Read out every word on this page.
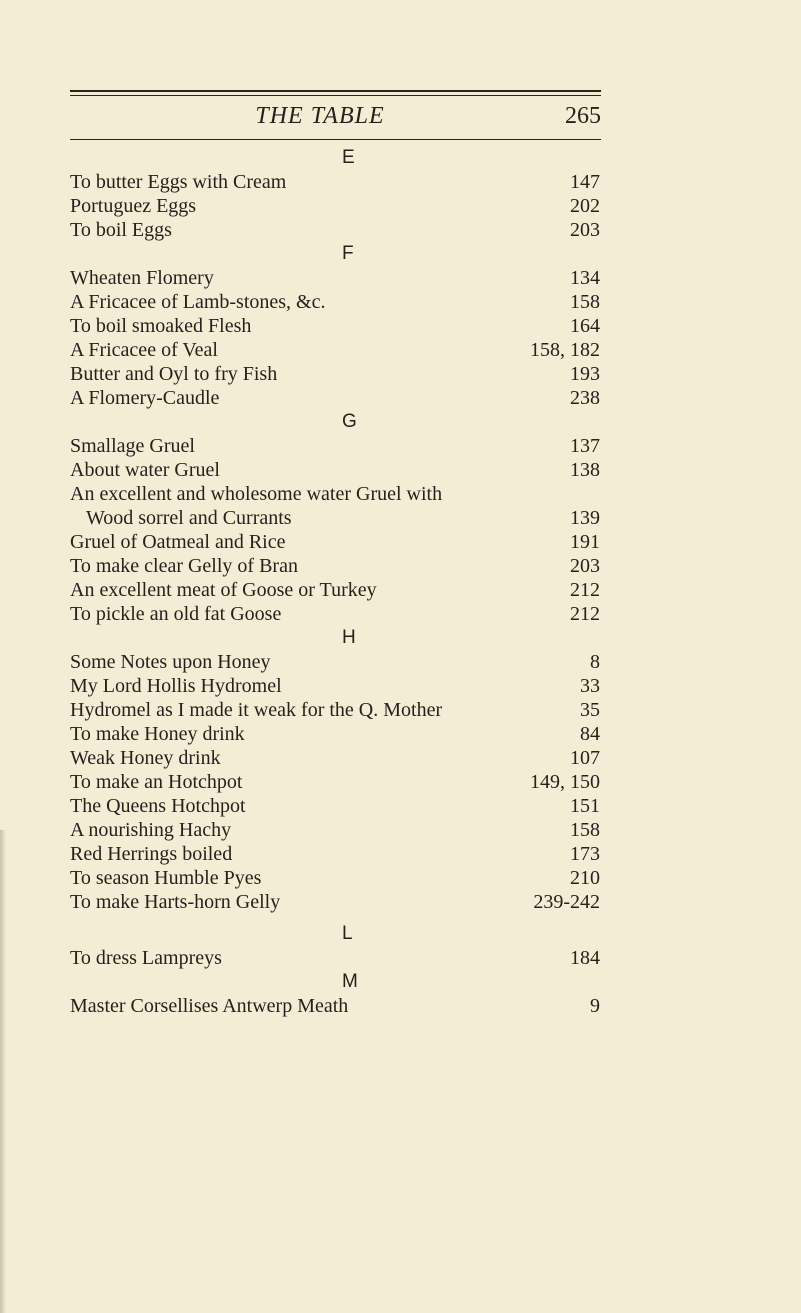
THE TABLE	265
E
To butter Eggs with Cream	147
Portuguez Eggs	202
To boil Eggs	203
F
Wheaten Flomery	134
A Fricacee of Lamb-stones, &c.	158
To boil smoaked Flesh	164
A Fricacee of Veal	158, 182
Butter and Oyl to fry Fish	193
A Flomery-Caudle	238
G
Smallage Gruel	137
About water Gruel	138
An excellent and wholesome water Gruel with
Wood sorrel and Currants	139
Gruel of Oatmeal and Rice	191
To make clear Gelly of Bran	203
An excellent meat of Goose or Turkey	212
To pickle an old fat Goose	212
H
Some Notes upon Honey	8
My Lord Hollis Hydromel	33
Hydromel as I made it weak for the Q. Mother	35
To make Honey drink	84
Weak Honey drink	107
To make an Hotchpot	149, 150
The Queens Hotchpot	151
A nourishing Hachy	158
Red Herrings boiled	173
To season Humble Pyes	210
To make Harts-horn Gelly	239-242
L
To dress Lampreys	184
M
Master Corsellises Antwerp Meath	9
